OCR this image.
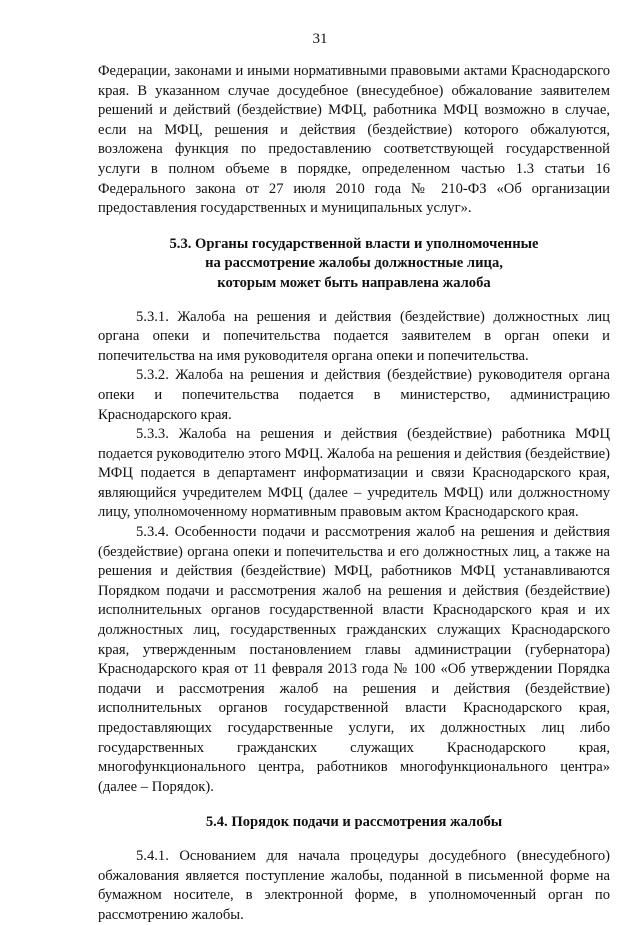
31

Федерации, законами и иными нормативными правовыми актами Краснодарского края. В указанном случае досудебное (внесудебное) обжалование заявителем решений и действий (бездействие) МФЦ, работника МФЦ возможно в случае, если на МФЦ, решения и действия (бездействие) которого обжалуются, возложена функция по предоставлению соответствующей государственной услуги в полном объеме в порядке, определенном частью 1.3 статьи 16 Федерального закона от 27 июля 2010 года № 210-ФЗ «Об организации предоставления государственных и муниципальных услуг».

5.3. Органы государственной власти и уполномоченные
на рассмотрение жалобы должностные лица,
которым может быть направлена жалоба

5.3.1. Жалоба на решения и действия (бездействие) должностных лиц органа опеки и попечительства подается заявителем в орган опеки и попечительства на имя руководителя органа опеки и попечительства.

5.3.2. Жалоба на решения и действия (бездействие) руководителя органа опеки и попечительства подается в министерство, администрацию Краснодарского края.

5.3.3. Жалоба на решения и действия (бездействие) работника МФЦ подается руководителю этого МФЦ. Жалоба на решения и действия (бездействие) МФЦ подается в департамент информатизации и связи Краснодарского края, являющийся учредителем МФЦ (далее – учредитель МФЦ) или должностному лицу, уполномоченному нормативным правовым актом Краснодарского края.

5.3.4. Особенности подачи и рассмотрения жалоб на решения и действия (бездействие) органа опеки и попечительства и его должностных лиц, а также на решения и действия (бездействие) МФЦ, работников МФЦ устанавливаются Порядком подачи и рассмотрения жалоб на решения и действия (бездействие) исполнительных органов государственной власти Краснодарского края и их должностных лиц, государственных гражданских служащих Краснодарского края, утвержденным постановлением главы администрации (губернатора) Краснодарского края от 11 февраля 2013 года № 100 «Об утверждении Порядка подачи и рассмотрения жалоб на решения и действия (бездействие) исполнительных органов государственной власти Краснодарского края, предоставляющих государственные услуги, их должностных лиц либо государственных гражданских служащих Краснодарского края, многофункционального центра, работников многофункционального центра» (далее – Порядок).

5.4. Порядок подачи и рассмотрения жалобы

5.4.1. Основанием для начала процедуры досудебного (внесудебного) обжалования является поступление жалобы, поданной в письменной форме на бумажном носителе, в электронной форме, в уполномоченный орган по рассмотрению жалобы.
